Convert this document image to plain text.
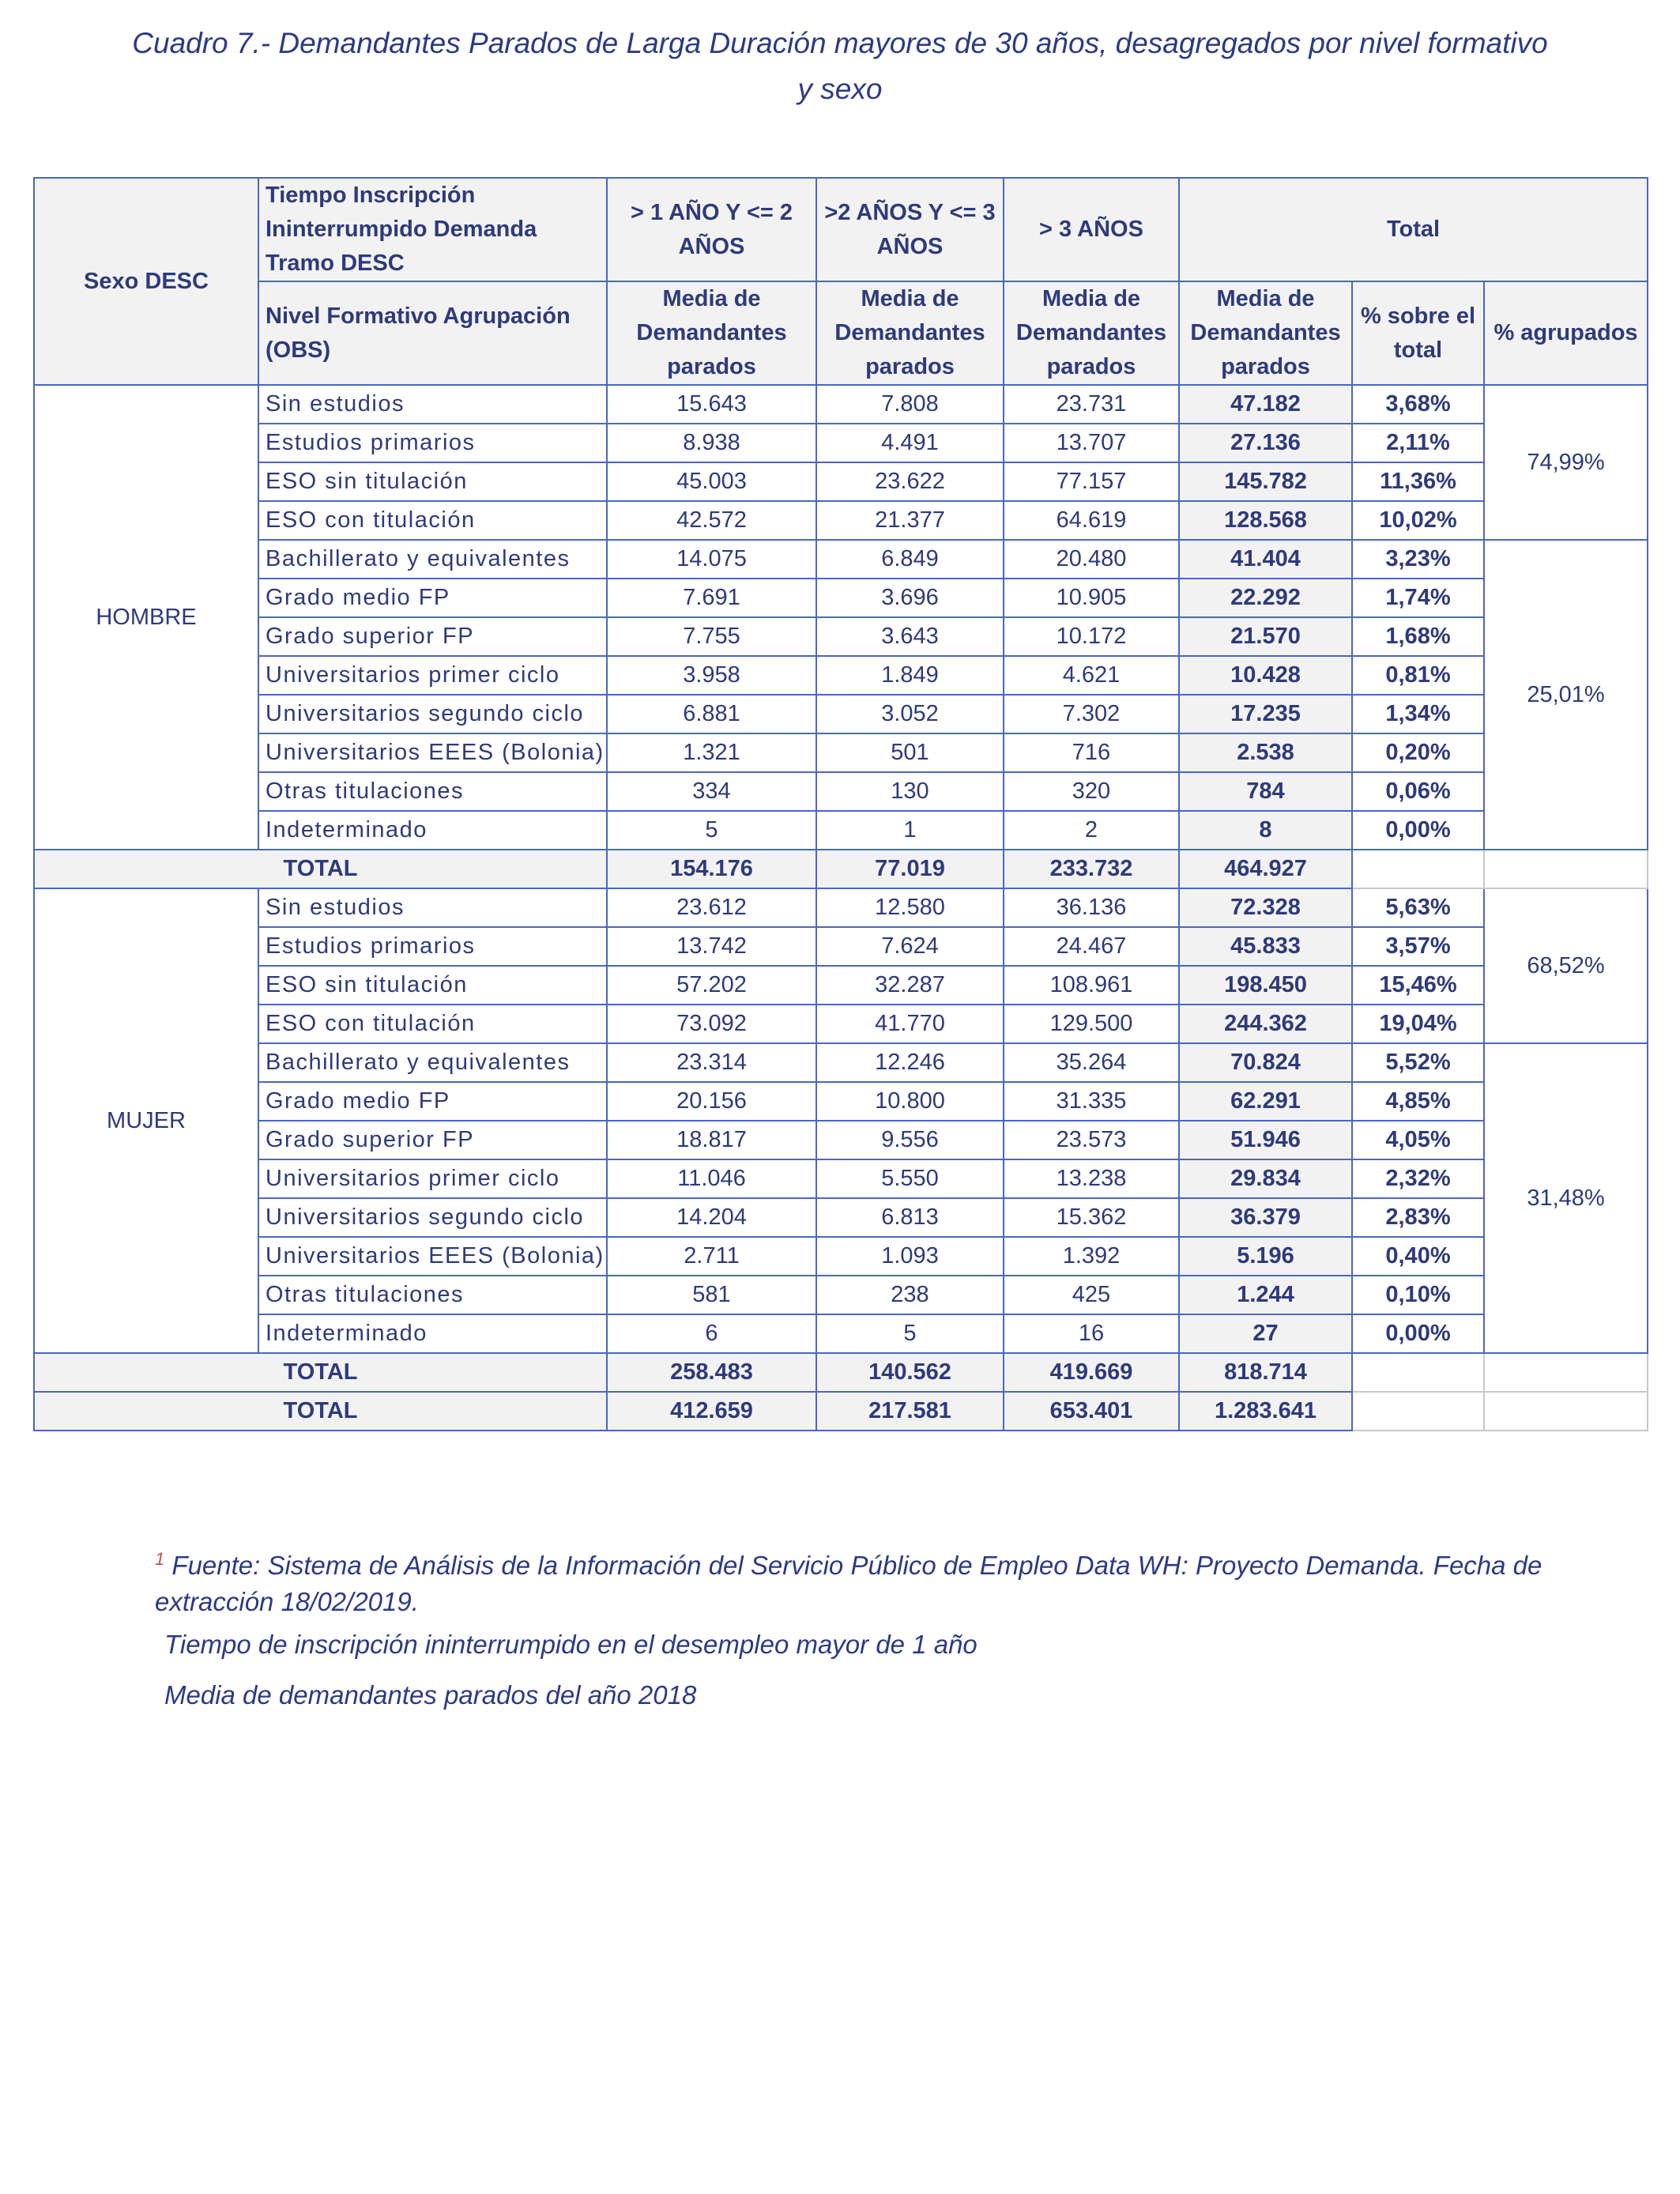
Cuadro 7.- Demandantes Parados de Larga Duración mayores de 30 años, desagregados por nivel formativo
y sexo
Sexo DESC	Tiempo Inscripción Ininterrumpido Demanda Tramo DESC	> 1 AÑO Y <= 2 AÑOS	>2 AÑOS Y <= 3 AÑOS	> 3 AÑOS	Total		
	Nivel Formativo Agrupación (OBS)	Media de Demandantes parados	Media de Demandantes parados	Media de Demandantes parados	Media de Demandantes parados	% sobre el total	% agrupados
HOMBRE	Sin estudios	15.643	7.808	23.731	47.182	3,68%	74,99%
	Estudios primarios	8.938	4.491	13.707	27.136	2,11%	
	ESO sin titulación	45.003	23.622	77.157	145.782	11,36%	
	ESO con titulación	42.572	21.377	64.619	128.568	10,02%	
	Bachillerato y equivalentes	14.075	6.849	20.480	41.404	3,23%	25,01%
	Grado medio FP	7.691	3.696	10.905	22.292	1,74%	
	Grado superior FP	7.755	3.643	10.172	21.570	1,68%	
	Universitarios primer ciclo	3.958	1.849	4.621	10.428	0,81%	
	Universitarios segundo ciclo	6.881	3.052	7.302	17.235	1,34%	
	Universitarios EEES (Bolonia)	1.321	501	716	2.538	0,20%	
	Otras titulaciones	334	130	320	784	0,06%	
	Indeterminado	5	1	2	8	0,00%	
TOTAL		154.176	77.019	233.732	464.927		
MUJER	Sin estudios	23.612	12.580	36.136	72.328	5,63%	68,52%
	Estudios primarios	13.742	7.624	24.467	45.833	3,57%	
	ESO sin titulación	57.202	32.287	108.961	198.450	15,46%	
	ESO con titulación	73.092	41.770	129.500	244.362	19,04%	
	Bachillerato y equivalentes	23.314	12.246	35.264	70.824	5,52%	31,48%
	Grado medio FP	20.156	10.800	31.335	62.291	4,85%	
	Grado superior FP	18.817	9.556	23.573	51.946	4,05%	
	Universitarios primer ciclo	11.046	5.550	13.238	29.834	2,32%	
	Universitarios segundo ciclo	14.204	6.813	15.362	36.379	2,83%	
	Universitarios EEES (Bolonia)	2.711	1.093	1.392	5.196	0,40%	
	Otras titulaciones	581	238	425	1.244	0,10%	
	Indeterminado	6	5	16	27	0,00%	
TOTAL		258.483	140.562	419.669	818.714		
TOTAL		412.659	217.581	653.401	1.283.641		
$^1$ Fuente: Sistema de Análisis de la Información del Servicio Público de Empleo Data WH: Proyecto Demanda. Fecha de extracción 18/02/2019.
Tiempo de inscripción ininterrumpido en el desempleo mayor de 1 año
Media de demandantes parados del año 2018
